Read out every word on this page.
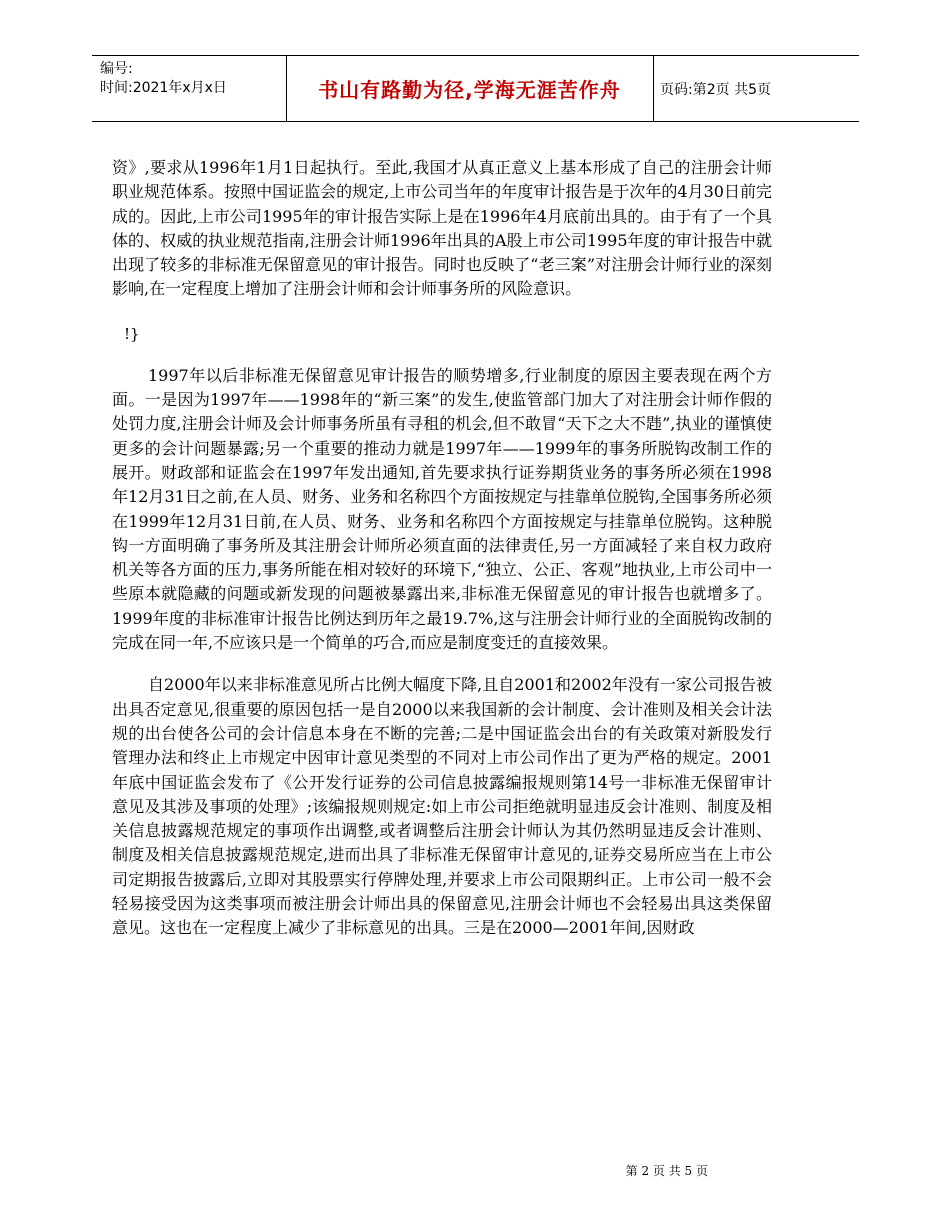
编号:
时间:2021年x月x日	书山有路勤为径,学海无涯苦作舟	页码:第2页 共5页

资》,要求从1996年1月1日起执行。至此,我国才从真正意义上基本形成了自己的注册会计师职业规范体系。按照中国证监会的规定,上市公司当年的年度审计报告是于次年的4月30日前完成的。因此,上市公司1995年的审计报告实际上是在1996年4月底前出具的。由于有了一个具体的、权威的执业规范指南,注册会计师1996年出具的A股上市公司1995年度的审计报告中就出现了较多的非标准无保留意见的审计报告。同时也反映了“老三案”对注册会计师行业的深刻影响,在一定程度上增加了注册会计师和会计师事务所的风险意识。

!}

1997年以后非标准无保留意见审计报告的顺势增多,行业制度的原因主要表现在两个方面。一是因为1997年——1998年的“新三案”的发生,使监管部门加大了对注册会计师作假的处罚力度,注册会计师及会计师事务所虽有寻租的机会,但不敢冒“天下之大不韪”,执业的谨慎使更多的会计问题暴露;另一个重要的推动力就是1997年——1999年的事务所脱钩改制工作的展开。财政部和证监会在1997年发出通知,首先要求执行证券期货业务的事务所必须在1998年12月31日之前,在人员、财务、业务和名称四个方面按规定与挂靠单位脱钩,全国事务所必须在1999年12月31日前,在人员、财务、业务和名称四个方面按规定与挂靠单位脱钩。这种脱钩一方面明确了事务所及其注册会计师所必须直面的法律责任,另一方面减轻了来自权力政府机关等各方面的压力,事务所能在相对较好的环境下,“独立、公正、客观”地执业,上市公司中一些原本就隐藏的问题或新发现的问题被暴露出来,非标准无保留意见的审计报告也就增多了。1999年度的非标准审计报告比例达到历年之最19.7%,这与注册会计师行业的全面脱钩改制的完成在同一年,不应该只是一个简单的巧合,而应是制度变迁的直接效果。

自2000年以来非标准意见所占比例大幅度下降,且自2001和2002年没有一家公司报告被出具否定意见,很重要的原因包括一是自2000以来我国新的会计制度、会计准则及相关会计法规的出台使各公司的会计信息本身在不断的完善;二是中国证监会出台的有关政策对新股发行管理办法和终止上市规定中因审计意见类型的不同对上市公司作出了更为严格的规定。2001年底中国证监会发布了《公开发行证券的公司信息披露编报规则第14号一非标准无保留审计意见及其涉及事项的处理》;该编报规则规定:如上市公司拒绝就明显违反会计准则、制度及相关信息披露规范规定的事项作出调整,或者调整后注册会计师认为其仍然明显违反会计准则、制度及相关信息披露规范规定,进而出具了非标准无保留审计意见的,证券交易所应当在上市公司定期报告披露后,立即对其股票实行停牌处理,并要求上市公司限期纠正。上市公司一般不会轻易接受因为这类事项而被注册会计师出具的保留意见,注册会计师也不会轻易出具这类保留意见。这也在一定程度上减少了非标意见的出具。三是在2000—2001年间,因财政

第 2 页 共 5 页
